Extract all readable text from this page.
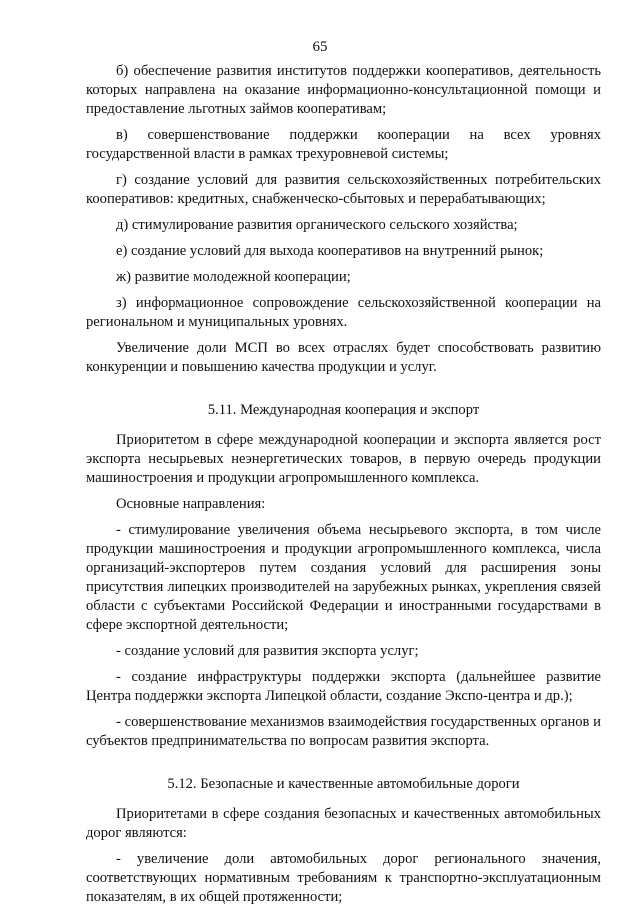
65

б) обеспечение развития институтов поддержки кооперативов, деятельность которых направлена на оказание информационно-консультационной помощи и предоставление льготных займов кооперативам;

в) совершенствование поддержки кооперации на всех уровнях государственной власти в рамках трехуровневой системы;

г) создание условий для развития сельскохозяйственных потребительских кооперативов: кредитных, снабженческо-сбытовых и перерабатывающих;

д) стимулирование развития органического сельского хозяйства;

е) создание условий для выхода кооперативов на внутренний рынок;

ж) развитие молодежной кооперации;

з) информационное сопровождение сельскохозяйственной кооперации на региональном и муниципальных уровнях.

Увеличение доли МСП во всех отраслях будет способствовать развитию конкуренции и повышению качества продукции и услуг.

5.11. Международная кооперация и экспорт

Приоритетом в сфере международной кооперации и экспорта является рост экспорта несырьевых неэнергетических товаров, в первую очередь продукции машиностроения и продукции агропромышленного комплекса.

Основные направления:

- стимулирование увеличения объема несырьевого экспорта, в том числе продукции машиностроения и продукции агропромышленного комплекса, числа организаций-экспортеров путем создания условий для расширения зоны присутствия липецких производителей на зарубежных рынках, укрепления связей области с субъектами Российской Федерации и иностранными государствами в сфере экспортной деятельности;

- создание условий для развития экспорта услуг;

- создание инфраструктуры поддержки экспорта (дальнейшее развитие Центра поддержки экспорта Липецкой области, создание Экспо-центра и др.);

- совершенствование механизмов взаимодействия государственных органов и субъектов предпринимательства по вопросам развития экспорта.

5.12. Безопасные и качественные автомобильные дороги

Приоритетами в сфере создания безопасных и качественных автомобильных дорог являются:

- увеличение доли автомобильных дорог регионального значения, соответствующих нормативным требованиям к транспортно-эксплуатационным показателям, в их общей протяженности;
